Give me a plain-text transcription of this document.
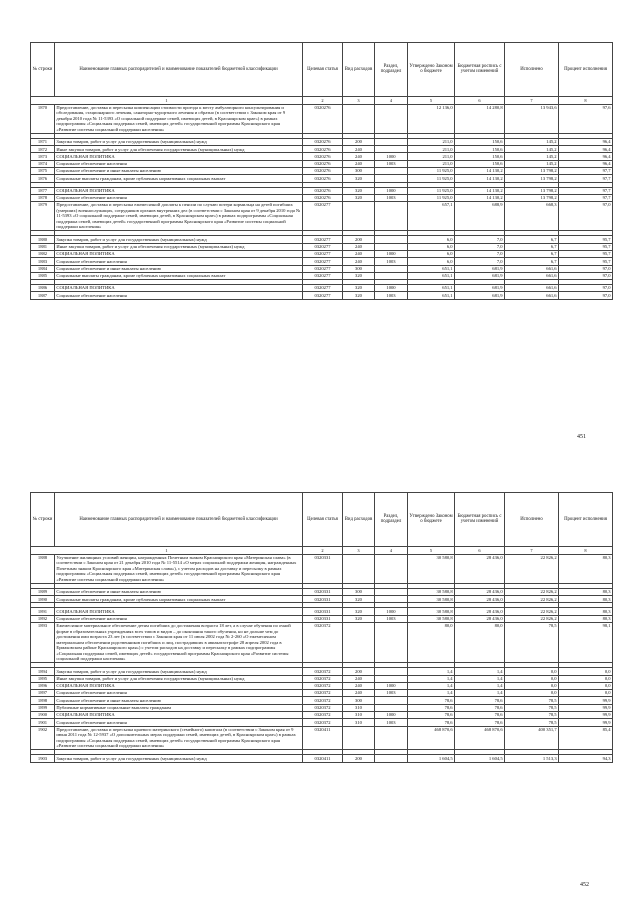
№ строки	Наименование главных распорядителей и наименование показателей бюджетной классификации	Целевая статья	Вид расходов	Раздел, подраздел	Утверждено Законом о бюджете	Бюджетная роспись с учетом изменений	Исполнено	Процент исполнения
1		2	3	4	5	6	7	8
1870	Предоставление, доставка и пересылка компенсации стоимости проезда к месту амбулаторного консультирования и обследования, стационарного лечения, санаторно-курортного лечения и обратно (в соответствии с Законом края от 9 декабря 2010 года № 11-5393 «О социальной поддержке семей, имеющих детей, в Красноярском крае») в рамках подпрограммы «Социальная поддержка семей, имеющих детей» государственной программы Красноярского края «Развитие системы социальной поддержки населения»	0320276			12 136,0	14 280,8	13 943,6	97,6

1871	Закупка товаров, работ и услуг для государственных (муниципальных) нужд	0320276	200		211,0	150,6	145,2	96,4
1872	Иные закупки товаров, работ и услуг для обеспечения государственных (муниципальных) нужд	0320276	240		211,0	150,6	145,2	96,4
1873	СОЦИАЛЬНАЯ ПОЛИТИКА	0320276	240	1000	211,0	150,6	145,2	96,4
1874	Социальное обеспечение населения	0320276	240	1003	211,0	150,6	145,2	96,4
1875	Социальное обеспечение и иные выплаты населению	0320276	300		11 925,0	14 130,2	13 798,2	97,7
1876	Социальные выплаты гражданам, кроме публичных нормативных социальных выплат	0320276	320		11 925,0	14 130,2	13 798,2	97,7

1877	СОЦИАЛЬНАЯ ПОЛИТИКА	0320276	320	1000	11 925,0	14 130,2	13 798,2	97,7
1878	Социальное обеспечение населения	0320276	320	1003	11 925,0	14 130,2	13 798,2	97,7
1879	Предоставление, доставка и пересылка ежемесячной доплаты к пенсии по случаю потери кормильца на детей погибших (умерших) военнослужащих, сотрудников органов внутренних дел (в соответствии с Законом края от 9 декабря 2010 года № 11-5393 «О социальной поддержке семей, имеющих детей, в Красноярском крае») в рамках подпрограммы «Социальная поддержка семей, имеющих детей» государственной программы Красноярского края «Развитие системы социальной поддержки населения»	0320277			657,1	688,9	668,3	97,0

1880	Закупка товаров, работ и услуг для государственных (муниципальных) нужд	0320277	200		6,0	7,0	6,7	95,7
1881	Иные закупки товаров, работ и услуг для обеспечения государственных (муниципальных) нужд	0320277	240		6,0	7,0	6,7	95,7
1882	СОЦИАЛЬНАЯ ПОЛИТИКА	0320277	240	1000	6,0	7,0	6,7	95,7
1883	Социальное обеспечение населения	0320277	240	1003	6,0	7,0	6,7	95,7
1884	Социальное обеспечение и иные выплаты населению	0320277	300		651,1	681,9	661,6	97,0
1885	Социальные выплаты гражданам, кроме публичных нормативных социальных выплат	0320277	320		651,1	681,9	661,6	97,0

1886	СОЦИАЛЬНАЯ ПОЛИТИКА	0320277	320	1000	651,1	681,9	661,6	97,0
1887	Социальное обеспечение населения	0320277	320	1003	651,1	681,9	661,6	97,0
451
№ строки	Наименование главных распорядителей и наименование показателей бюджетной классификации	Целевая статья	Вид расходов	Раздел, подраздел	Утверждено Законом о бюджете	Бюджетная роспись с учетом изменений	Исполнено	Процент исполнения
1		2	3	4	5	6	7	8
1888	Улучшение жилищных условий женщин, награжденных Почетным знаком Красноярского края «Материнская слава» (в соответствии с Законом края от 21 декабря 2010 года № 11-5514 «О мерах социальной поддержки женщин, награжденных Почетным знаком Красноярского края «Материнская слава»), с учетом расходов на доставку и пересылку в рамках подпрограммы «Социальная поддержка семей, имеющих детей» государственной программы Красноярского края «Развитие системы социальной поддержки населения»	0320331			30 580,8	28 436,0	22 826,2	80,3

1889	Социальное обеспечение и иные выплаты населению	0320331	300		30 580,8	28 436,0	22 826,2	80,3
1890	Социальные выплаты гражданам, кроме публичных нормативных социальных выплат	0320331	320		30 580,8	28 436,0	22 826,2	80,3

1891	СОЦИАЛЬНАЯ ПОЛИТИКА	0320331	320	1000	30 580,8	28 436,0	22 826,2	80,3
1892	Социальное обеспечение населения	0320331	320	1003	30 580,8	28 436,0	22 826,2	80,3
1893	Ежемесячное материальное обеспечение детям погибших до достижения возраста 18 лет, а в случае обучения по очной форме в образовательных учреждениях всех типов и видов – до окончания такого обучения, но не дольше чем до достижения ими возраста 23 лет (в соответствии с Законом края от 11 июля 2002 года № 2-260 «О ежемесячном материальном обеспечении родственников погибших и лиц, пострадавших в авиакатастрофе 28 апреля 2002 года в Ермаковском районе Красноярского края») с учетом расходов на доставку и пересылку в рамках подпрограммы «Социальная поддержка семей, имеющих детей» государственной программы Красноярского края «Развитие системы социальной поддержки населения»	0320372			80,0	80,0	78,5	98,1

1894	Закупка товаров, работ и услуг для государственных (муниципальных) нужд	0320372	200		1,4	1,4	0,0	0,0
1895	Иные закупки товаров, работ и услуг для обеспечения государственных (муниципальных) нужд	0320372	240		1,4	1,4	0,0	0,0
1896	СОЦИАЛЬНАЯ ПОЛИТИКА	0320372	240	1000	1,4	1,4	0,0	0,0
1897	Социальное обеспечение населения	0320372	240	1003	1,4	1,4	0,0	0,0
1898	Социальное обеспечение и иные выплаты населению	0320372	300		78,6	78,6	78,5	99,9
1899	Публичные нормативные социальные выплаты гражданам	0320372	310		78,6	78,6	78,5	99,9
1900	СОЦИАЛЬНАЯ ПОЛИТИКА	0320372	310	1000	78,6	78,6	78,5	99,9
1901	Социальное обеспечение населения	0320372	310	1003	78,6	78,6	78,5	99,9
1902	Предоставление, доставка и пересылка краевого материнского (семейного) капитала (в соответствии с Законом края от 9 июня 2011 года № 12-5937 «О дополнительных мерах поддержки семей, имеющих детей, в Красноярском крае») в рамках подпрограммы «Социальная поддержка семей, имеющих детей» государственной программы Красноярского края «Развитие системы социальной поддержки населения»	0320411			468 870,6	468 870,6	400 351,7	85,4

1903	Закупка товаров, работ и услуг для государственных (муниципальных) нужд	0320411	200		1 604,5	1 604,5	1 513,3	94,3
452
